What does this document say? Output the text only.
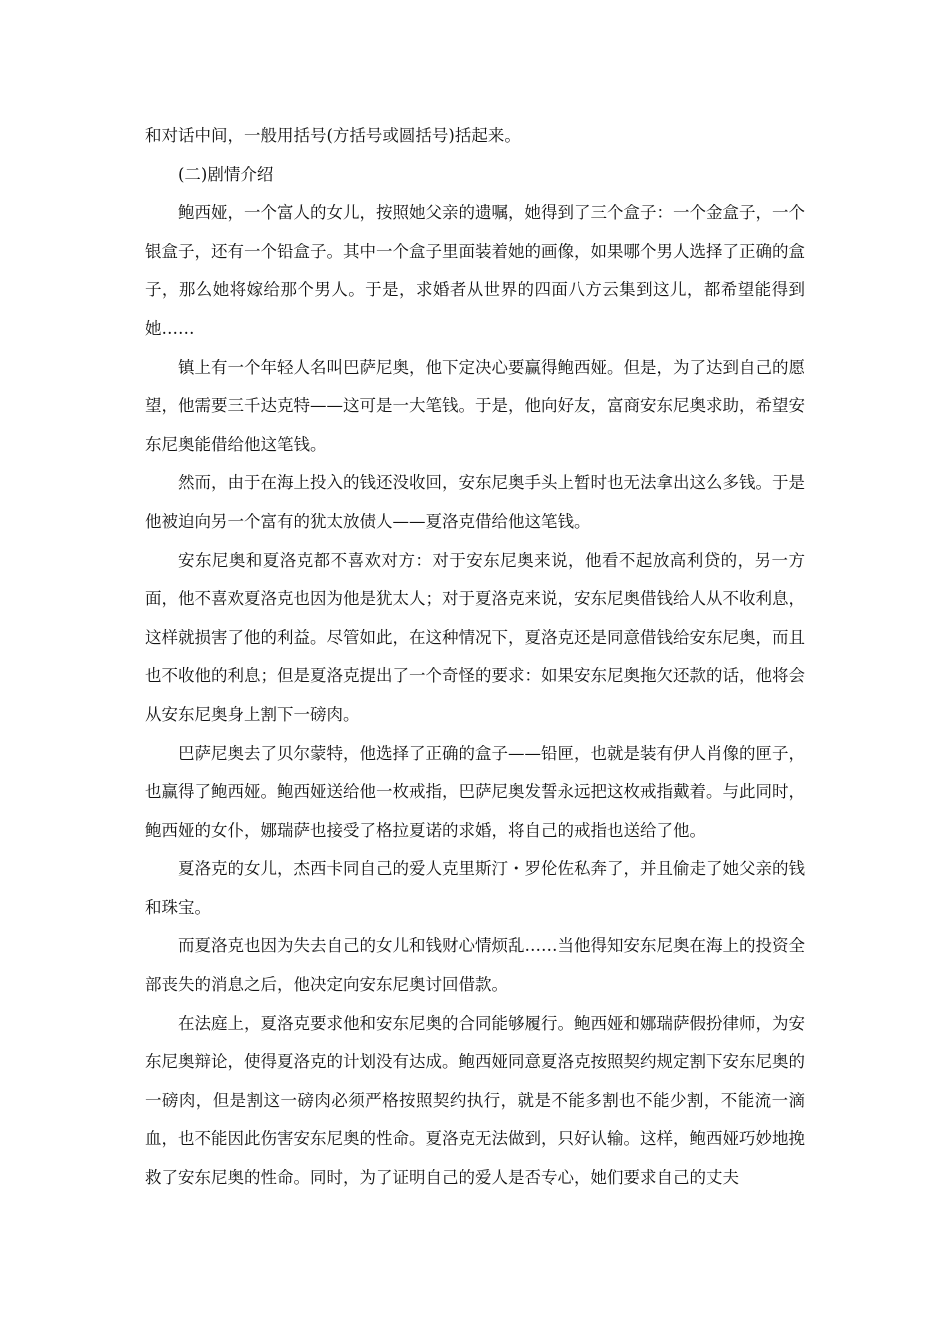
和对话中间，一般用括号(方括号或圆括号)括起来。

(二)剧情介绍

鲍西娅，一个富人的女儿，按照她父亲的遗嘱，她得到了三个盒子：一个金盒子，一个银盒子，还有一个铅盒子。其中一个盒子里面装着她的画像，如果哪个男人选择了正确的盒子，那么她将嫁给那个男人。于是，求婚者从世界的四面八方云集到这儿，都希望能得到她……

镇上有一个年轻人名叫巴萨尼奥，他下定决心要赢得鲍西娅。但是，为了达到自己的愿望，他需要三千达克特——这可是一大笔钱。于是，他向好友，富商安东尼奥求助，希望安东尼奥能借给他这笔钱。

然而，由于在海上投入的钱还没收回，安东尼奥手头上暂时也无法拿出这么多钱。于是他被迫向另一个富有的犹太放债人——夏洛克借给他这笔钱。

安东尼奥和夏洛克都不喜欢对方：对于安东尼奥来说，他看不起放高利贷的，另一方面，他不喜欢夏洛克也因为他是犹太人；对于夏洛克来说，安东尼奥借钱给人从不收利息，这样就损害了他的利益。尽管如此，在这种情况下，夏洛克还是同意借钱给安东尼奥，而且也不收他的利息；但是夏洛克提出了一个奇怪的要求：如果安东尼奥拖欠还款的话，他将会从安东尼奥身上割下一磅肉。

巴萨尼奥去了贝尔蒙特，他选择了正确的盒子——铅匣，也就是装有伊人肖像的匣子，也赢得了鲍西娅。鲍西娅送给他一枚戒指，巴萨尼奥发誓永远把这枚戒指戴着。与此同时，鲍西娅的女仆，娜瑞萨也接受了格拉夏诺的求婚，将自己的戒指也送给了他。

夏洛克的女儿，杰西卡同自己的爱人克里斯汀・罗伦佐私奔了，并且偷走了她父亲的钱和珠宝。

而夏洛克也因为失去自己的女儿和钱财心情烦乱……当他得知安东尼奥在海上的投资全部丧失的消息之后，他决定向安东尼奥讨回借款。

在法庭上，夏洛克要求他和安东尼奥的合同能够履行。鲍西娅和娜瑞萨假扮律师，为安东尼奥辩论，使得夏洛克的计划没有达成。鲍西娅同意夏洛克按照契约规定割下安东尼奥的一磅肉，但是割这一磅肉必须严格按照契约执行，就是不能多割也不能少割，不能流一滴血，也不能因此伤害安东尼奥的性命。夏洛克无法做到，只好认输。这样，鲍西娅巧妙地挽救了安东尼奥的性命。同时，为了证明自己的爱人是否专心，她们要求自己的丈夫
